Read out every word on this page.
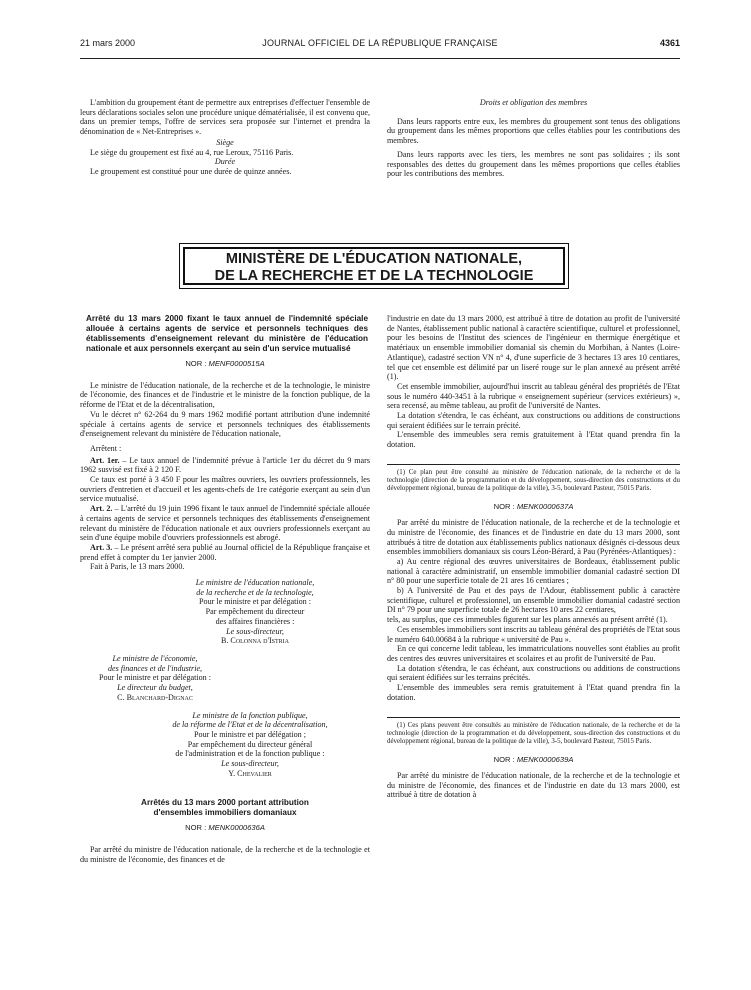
21 mars 2000	JOURNAL OFFICIEL DE LA RÉPUBLIQUE FRANÇAISE	4361

L'ambition du groupement étant de permettre aux entreprises d'effectuer l'ensemble de leurs déclarations sociales selon une procédure unique dématérialisée, il est convenu que, dans un premier temps, l'offre de services sera proposée sur l'internet et prendra la dénomination de « Net-Entreprises ».

Siège

Le siège du groupement est fixé au 4, rue Leroux, 75116 Paris.

Durée

Le groupement est constitué pour une durée de quinze années.

Droits et obligation des membres

Dans leurs rapports entre eux, les membres du groupement sont tenus des obligations du groupement dans les mêmes proportions que celles établies pour les contributions des membres.

Dans leurs rapports avec les tiers, les membres ne sont pas solidaires ; ils sont responsables des dettes du groupement dans les mêmes proportions que celles établies pour les contributions des membres.

MINISTÈRE DE L'ÉDUCATION NATIONALE,
DE LA RECHERCHE ET DE LA TECHNOLOGIE

Arrêté du 13 mars 2000 fixant le taux annuel de l'indemnité spéciale allouée à certains agents de service et personnels techniques des établissements d'enseignement relevant du ministère de l'éducation nationale et aux personnels exerçant au sein d'un service mutualisé

NOR : MENF0000515A

Le ministre de l'éducation nationale, de la recherche et de la technologie, le ministre de l'économie, des finances et de l'industrie et le ministre de la fonction publique, de la réforme de l'Etat et de la décentralisation,

Vu le décret n° 62-264 du 9 mars 1962 modifié portant attribution d'une indemnité spéciale à certains agents de service et personnels techniques des établissements d'enseignement relevant du ministère de l'éducation nationale,

Arrêtent :

Art. 1er. – Le taux annuel de l'indemnité prévue à l'article 1er du décret du 9 mars 1962 susvisé est fixé à 2 120 F.

Ce taux est porté à 3 450 F pour les maîtres ouvriers, les ouvriers professionnels, les ouvriers d'entretien et d'accueil et les agents-chefs de 1re catégorie exerçant au sein d'un service mutualisé.

Art. 2. – L'arrêté du 19 juin 1996 fixant le taux annuel de l'indemnité spéciale allouée à certains agents de service et personnels techniques des établissements d'enseignement relevant du ministère de l'éducation nationale et aux ouvriers professionnels exerçant au sein d'une équipe mobile d'ouvriers professionnels est abrogé.

Art. 3. – Le présent arrêté sera publié au Journal officiel de la République française et prend effet à compter du 1er janvier 2000.

Fait à Paris, le 13 mars 2000.

Le ministre de l'éducation nationale,
de la recherche et de la technologie,
Pour le ministre et par délégation :
Par empêchement du directeur
des affaires financières :
Le sous-directeur,
B. Colonna d'Istria
Le ministre de l'économie,
des finances et de l'industrie,
Pour le ministre et par délégation :
Le directeur du budget,
C. Blanchard-Dignac
Le ministre de la fonction publique,
de la réforme de l'Etat et de la décentralisation,
Pour le ministre et par délégation ;
Par empêchement du directeur général
de l'administration et de la fonction publique :
Le sous-directeur,
Y. Chevalier

Arrêtés du 13 mars 2000 portant attribution d'ensembles immobiliers domaniaux

NOR : MENK0000636A

Par arrêté du ministre de l'éducation nationale, de la recherche et de la technologie et du ministre de l'économie, des finances et de

l'industrie en date du 13 mars 2000, est attribué à titre de dotation au profit de l'université de Nantes, établissement public national à caractère scientifique, culturel et professionnel, pour les besoins de l'Institut des sciences de l'ingénieur en thermique énergétique et matériaux un ensemble immobilier domanial sis chemin du Morbihan, à Nantes (Loire-Atlantique), cadastré section VN n° 4, d'une superficie de 3 hectares 13 ares 10 centiares, tel que cet ensemble est délimité par un liseré rouge sur le plan annexé au présent arrêté (1).

Cet ensemble immobilier, aujourd'hui inscrit au tableau général des propriétés de l'Etat sous le numéro 440-3451 à la rubrique « enseignement supérieur (services extérieurs) », sera recensé, au même tableau, au profit de l'université de Nantes.

La dotation s'étendra, le cas échéant, aux constructions ou additions de constructions qui seraient édifiées sur le terrain précité.

L'ensemble des immeubles sera remis gratuitement à l'Etat quand prendra fin la dotation.

(1) Ce plan peut être consulté au ministère de l'éducation nationale, de la recherche et de la technologie (direction de la programmation et du développement, sous-direction des constructions et du développement régional, bureau de la politique de la ville), 3-5, boulevard Pasteur, 75015 Paris.

NOR : MENK0000637A

Par arrêté du ministre de l'éducation nationale, de la recherche et de la technologie et du ministre de l'économie, des finances et de l'industrie en date du 13 mars 2000, sont attribués à titre de dotation aux établissements publics nationaux désignés ci-dessous deux ensembles immobiliers domaniaux sis cours Léon-Bérard, à Pau (Pyrénées-Atlantiques) :

a) Au centre régional des œuvres universitaires de Bordeaux, établissement public national à caractère administratif, un ensemble immobilier domanial cadastré section DI n° 80 pour une superficie totale de 21 ares 16 centiares ;

b) A l'université de Pau et des pays de l'Adour, établissement public à caractère scientifique, culturel et professionnel, un ensemble immobilier domanial cadastré section DI n° 79 pour une superficie totale de 26 hectares 10 ares 22 centiares,

tels, au surplus, que ces immeubles figurent sur les plans annexés au présent arrêté (1).

Ces ensembles immobiliers sont inscrits au tableau général des propriétés de l'Etat sous le numéro 640.00684 à la rubrique « université de Pau ».

En ce qui concerne ledit tableau, les immatriculations nouvelles sont établies au profit des centres des œuvres universitaires et scolaires et au profit de l'université de Pau.

La dotation s'étendra, le cas échéant, aux constructions ou additions de constructions qui seraient édifiées sur les terrains précités.

L'ensemble des immeubles sera remis gratuitement à l'Etat quand prendra fin la dotation.

(1) Ces plans peuvent être consultés au ministère de l'éducation nationale, de la recherche et de la technologie (direction de la programmation et du développement, sous-direction des constructions et du développement régional, bureau de la politique de la ville), 3-5, boulevard Pasteur, 75015 Paris.

NOR : MENK0000639A

Par arrêté du ministre de l'éducation nationale, de la recherche et de la technologie et du ministre de l'économie, des finances et de l'industrie en date du 13 mars 2000, est attribué à titre de dotation à
